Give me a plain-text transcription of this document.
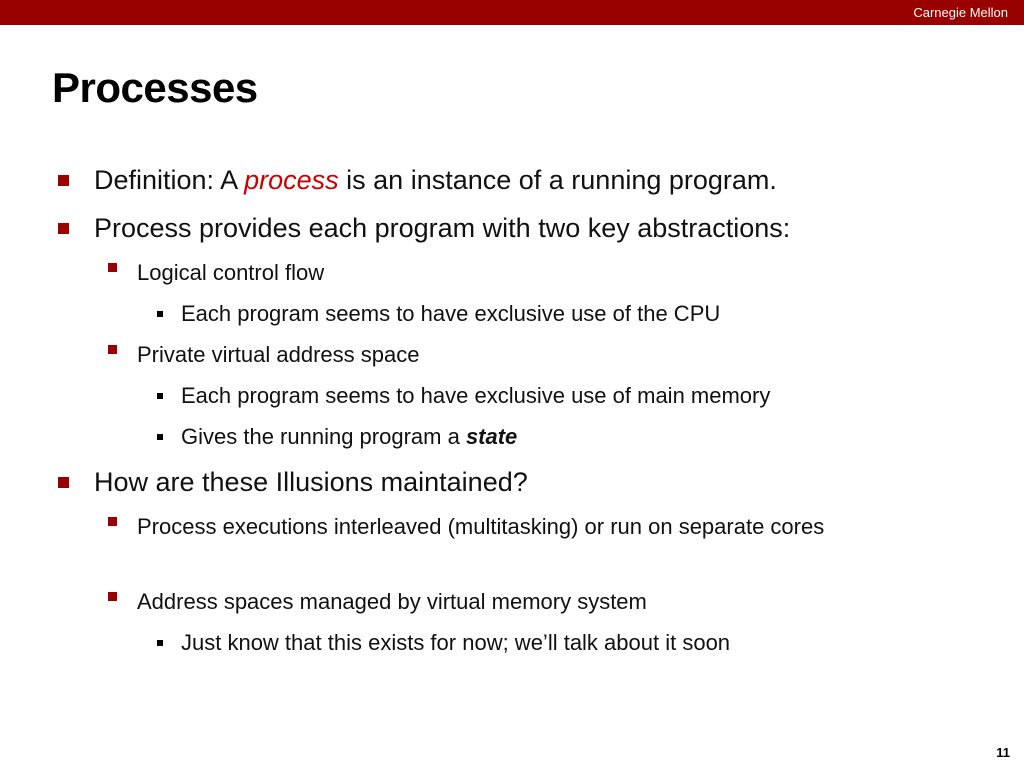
Carnegie Mellon
Processes
Definition: A process is an instance of a running program.
Process provides each program with two key abstractions:
Logical control flow
Each program seems to have exclusive use of the CPU
Private virtual address space
Each program seems to have exclusive use of main memory
Gives the running program a state
How are these Illusions maintained?
Process executions interleaved (multitasking) or run on separate cores
Address spaces managed by virtual memory system
Just know that this exists for now; we’ll talk about it soon
11
